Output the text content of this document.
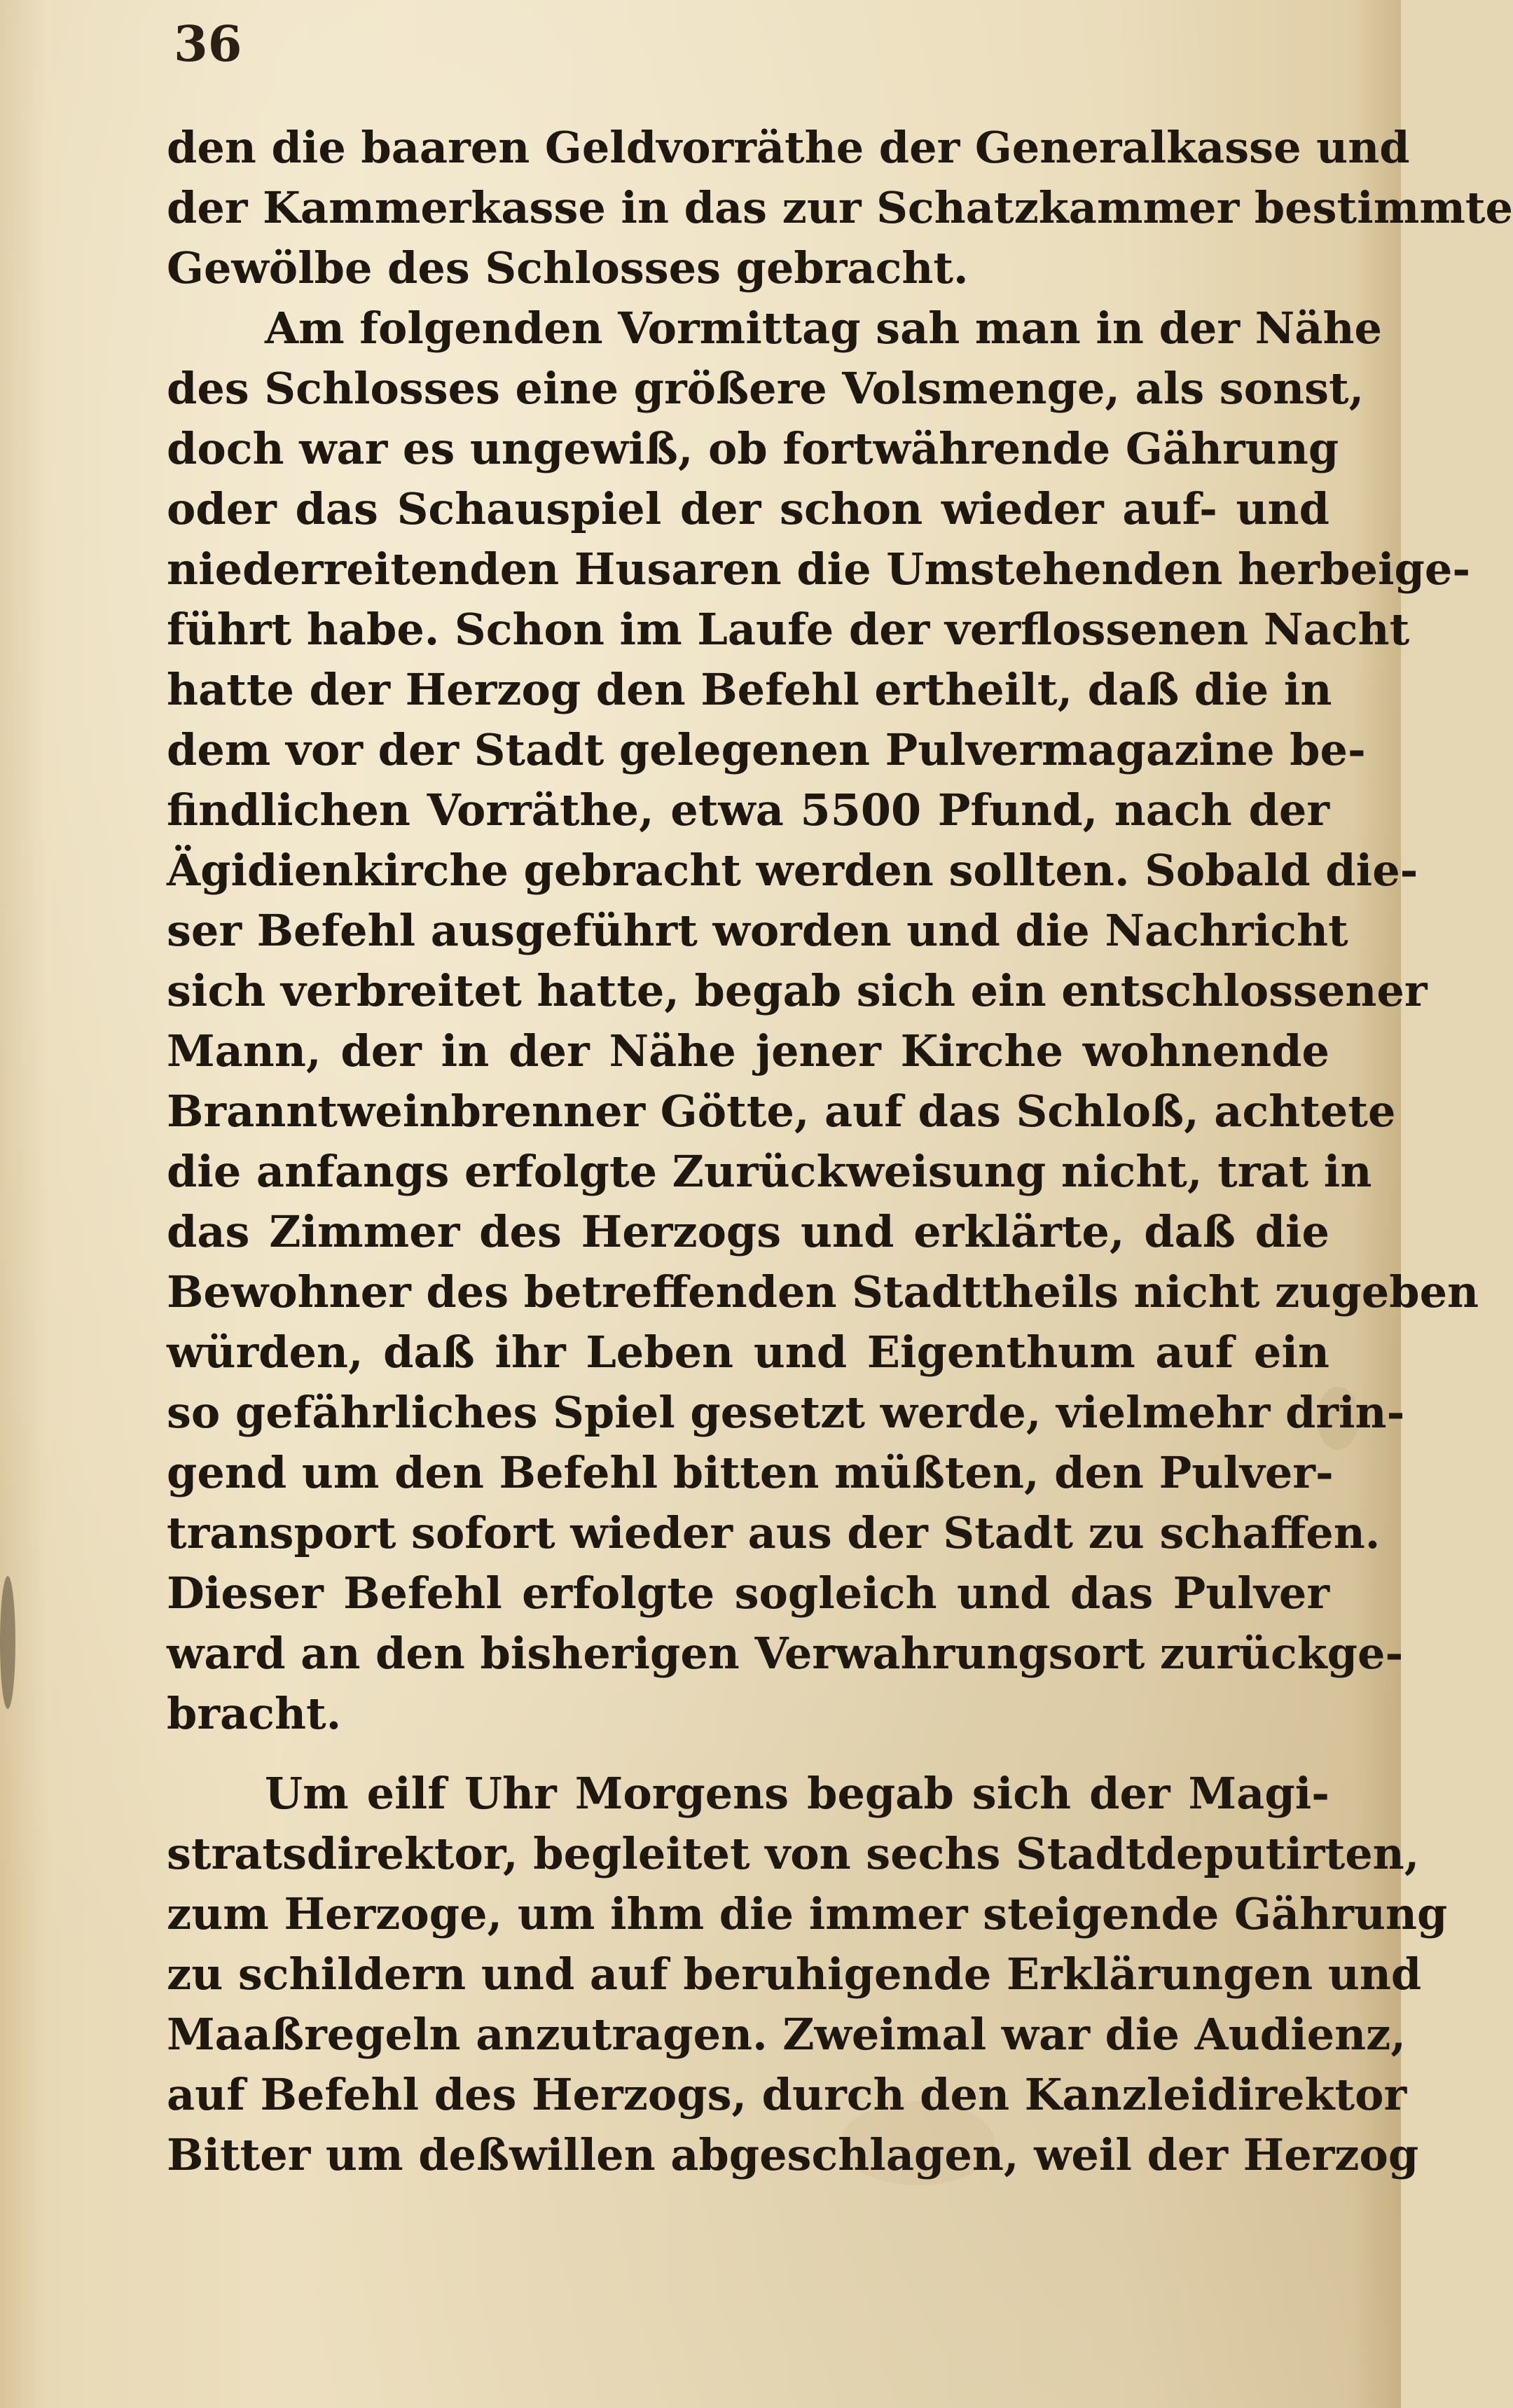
36

den die baaren Geldvorräthe der Generalkasse und
der Kammerkasse in das zur Schatzkammer bestimmte
Gewölbe des Schlosses gebracht.
Am folgenden Vormittag sah man in der Nähe
des Schlosses eine größere Volsmenge, als sonst,
doch war es ungewiß, ob fortwährende Gährung
oder das Schauspiel der schon wieder auf- und
niederreitenden Husaren die Umstehenden herbeige-
führt habe. Schon im Laufe der verflossenen Nacht
hatte der Herzog den Befehl ertheilt, daß die in
dem vor der Stadt gelegenen Pulvermagazine be-
findlichen Vorräthe, etwa 5500 Pfund, nach der
Ägidienkirche gebracht werden sollten. Sobald die-
ser Befehl ausgeführt worden und die Nachricht
sich verbreitet hatte, begab sich ein entschlossener
Mann, der in der Nähe jener Kirche wohnende
Branntweinbrenner Götte, auf das Schloß, achtete
die anfangs erfolgte Zurückweisung nicht, trat in
das Zimmer des Herzogs und erklärte, daß die
Bewohner des betreffenden Stadttheils nicht zugeben
würden, daß ihr Leben und Eigenthum auf ein
so gefährliches Spiel gesetzt werde, vielmehr drin-
gend um den Befehl bitten müßten, den Pulver-
transport sofort wieder aus der Stadt zu schaffen.
Dieser Befehl erfolgte sogleich und das Pulver
ward an den bisherigen Verwahrungsort zurückge-
bracht.
Um eilf Uhr Morgens begab sich der Magi-
stratsdirektor, begleitet von sechs Stadtdeputirten,
zum Herzoge, um ihm die immer steigende Gährung
zu schildern und auf beruhigende Erklärungen und
Maaßregeln anzutragen. Zweimal war die Audienz,
auf Befehl des Herzogs, durch den Kanzleidirektor
Bitter um deßwillen abgeschlagen, weil der Herzog
